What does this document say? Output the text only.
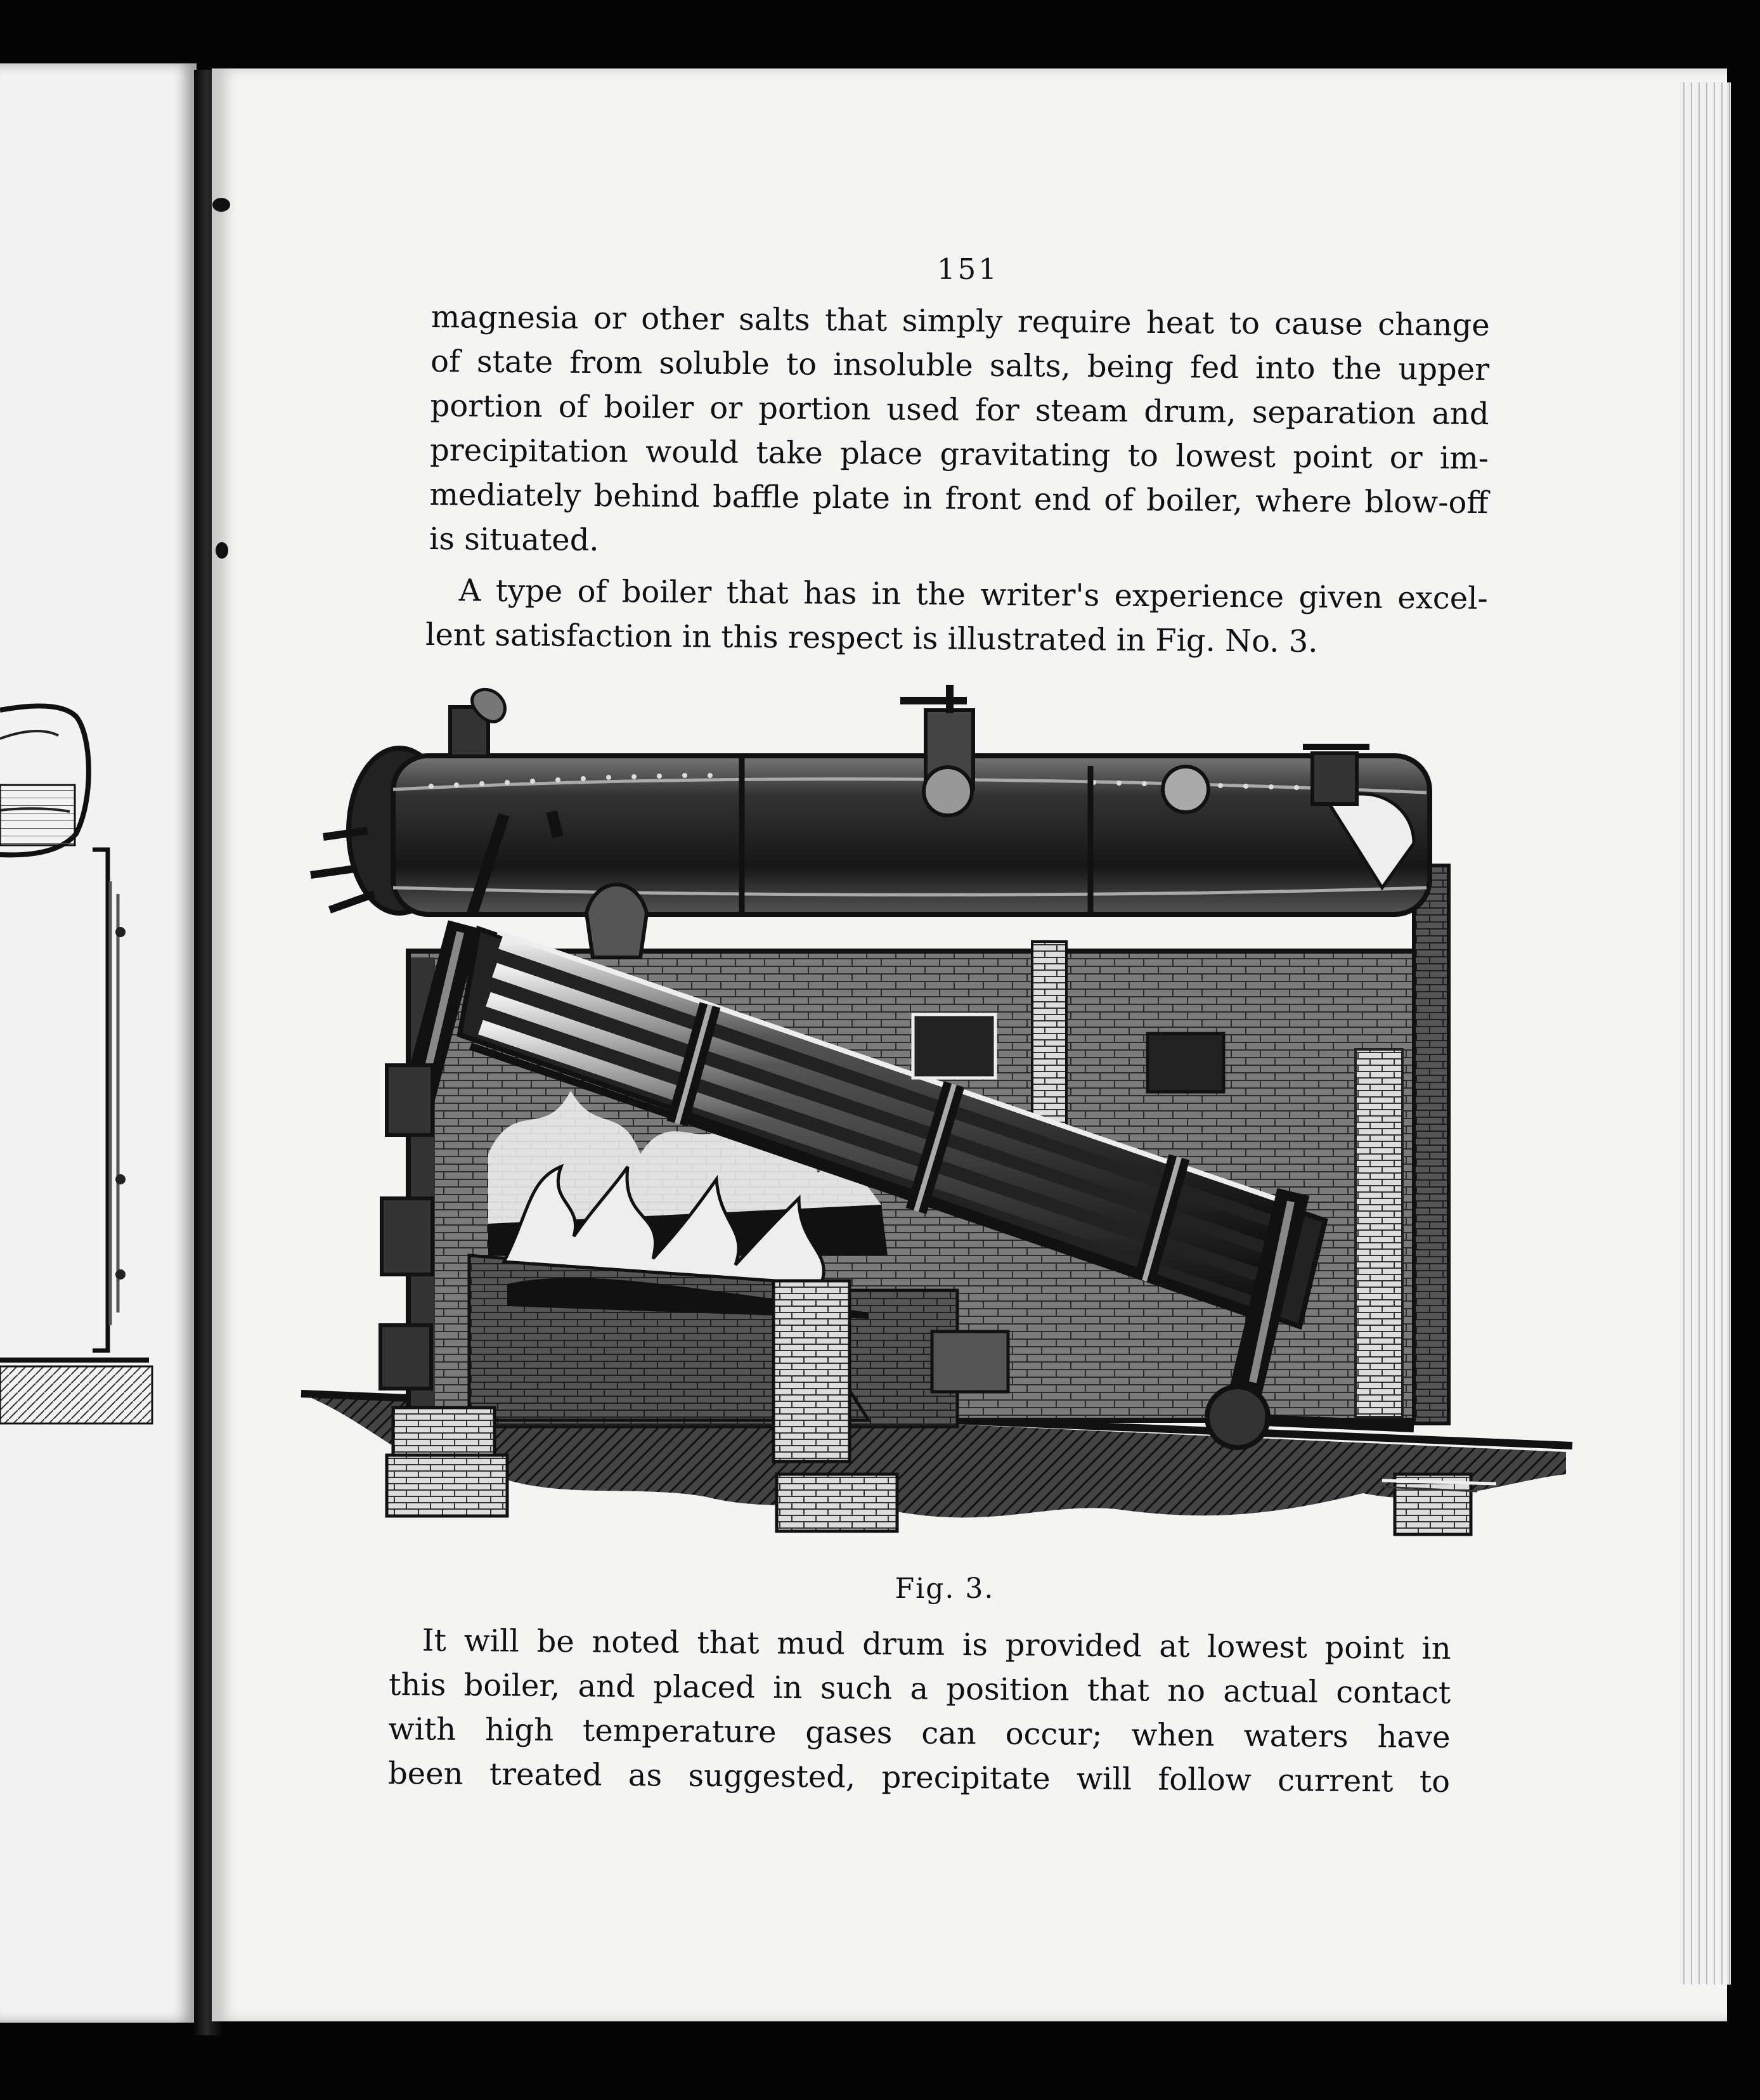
151
magnesia or other salts that simply require heat to cause change
of state from soluble to insoluble salts, being fed into the upper
portion of boiler or portion used for steam drum, separation and
precipitation would take place gravitating to lowest point or im-
mediately behind baffle plate in front end of boiler, where blow-off
is situated.
A type of boiler that has in the writer's experience given excel-
lent satisfaction in this respect is illustrated in Fig. No. 3.
Fig. 3.
It will be noted that mud drum is provided at lowest point in
this boiler, and placed in such a position that no actual contact
with high temperature gases can occur; when waters have
been treated as suggested, precipitate will follow current to
